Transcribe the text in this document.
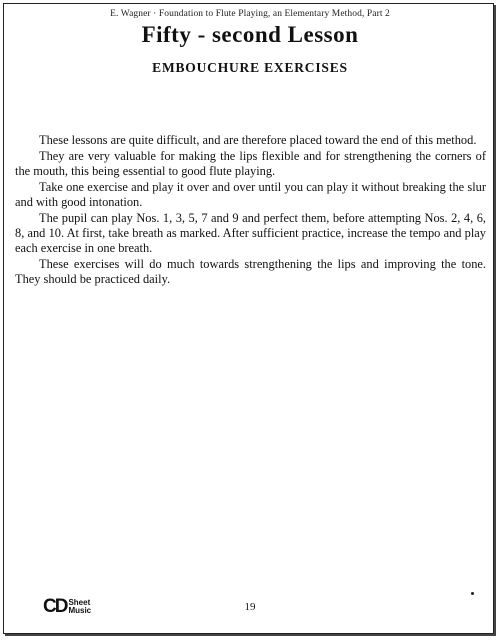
E. Wagner · Foundation to Flute Playing, an Elementary Method, Part 2
Fifty - second Lesson
EMBOUCHURE EXERCISES

These lessons are quite difficult, and are therefore placed toward the end of this method.

They are very valuable for making the lips flexible and for strengthening the corners of the mouth, this being essential to good flute playing.

Take one exercise and play it over and over until you can play it without breaking the slur and with good intonation.

The pupil can play Nos. 1, 3, 5, 7 and 9 and perfect them, before attempting Nos. 2, 4, 6, 8, and 10. At first, take breath as marked. After sufficient practice, increase the tempo and play each exercise in one breath.

These exercises will do much towards strengthening the lips and improving the tone. They should be practiced daily.

CD Sheet
Music	19
